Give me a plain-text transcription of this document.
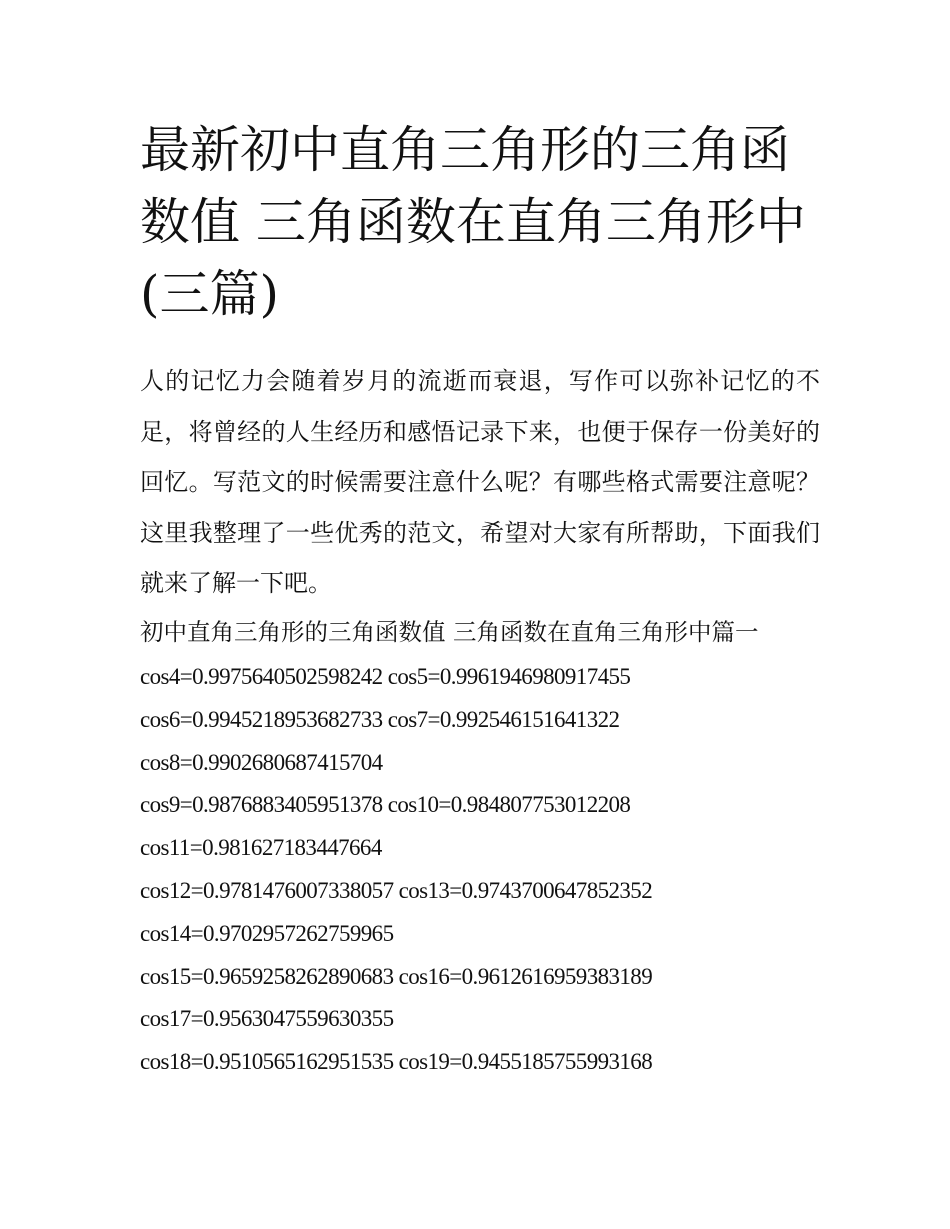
最新初中直角三角形的三角函数值 三角函数在直角三角形中(三篇)

人的记忆力会随着岁月的流逝而衰退，写作可以弥补记忆的不足，将曾经的人生经历和感悟记录下来，也便于保存一份美好的回忆。写范文的时候需要注意什么呢？有哪些格式需要注意呢？这里我整理了一些优秀的范文，希望对大家有所帮助，下面我们就来了解一下吧。

初中直角三角形的三角函数值 三角函数在直角三角形中篇一

cos4=0.9975640502598242 cos5=0.9961946980917455
cos6=0.9945218953682733 cos7=0.992546151641322
cos8=0.9902680687415704
cos9=0.9876883405951378 cos10=0.984807753012208
cos11=0.981627183447664
cos12=0.9781476007338057 cos13=0.9743700647852352
cos14=0.9702957262759965
cos15=0.9659258262890683 cos16=0.9612616959383189
cos17=0.9563047559630355
cos18=0.9510565162951535 cos19=0.9455185755993168
